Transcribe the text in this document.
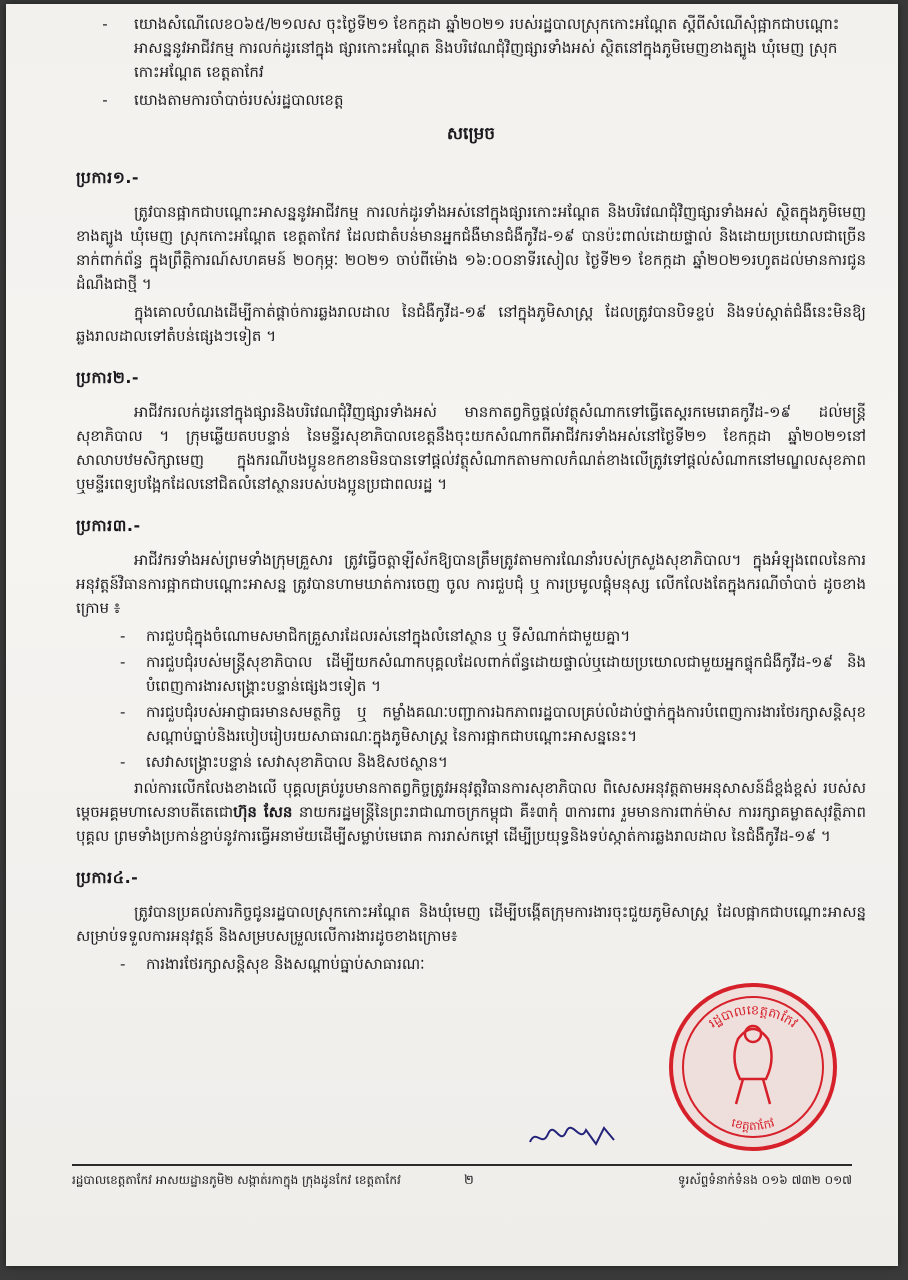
-	យោងសំណើលេខ០៦៥/២១លស ចុះថ្ងៃទី២១ ខែកក្កដា ឆ្នាំ២០២១ របស់រដ្ឋបាលស្រុកកោះអណ្តែត ស្តីពីសំណើសុំផ្អាកជាបណ្តោះអាសន្ននូវអាជីវកម្ម ការលក់ដូរនៅក្នុង ផ្សារកោះអណ្តែត និងបរិវេណជុំវិញផ្សារទាំងអស់ ស្ថិតនៅក្នុងភូមិមេញខាងត្បូង ឃុំមេញ ស្រុកកោះអណ្តែត ខេត្តតាកែវ
-	យោងតាមការចាំបាច់របស់រដ្ឋបាលខេត្ត
សម្រេច
ប្រការ១.-

ត្រូវបានផ្អាកជាបណ្តោះអាសន្ននូវអាជីវកម្ម ការលក់ដូរទាំងអស់នៅក្នុងផ្សារកោះអណ្តែត និងបរិវេណជុំវិញផ្សារទាំងអស់ ស្ថិតក្នុងភូមិមេញខាងត្បូង ឃុំមេញ ស្រុកកោះអណ្តែត ខេត្តតាកែវ ដែលជាតំបន់មានអ្នកជំងឺមានជំងឺកូវីដ-១៩ បានប៉ះពាល់ដោយផ្ទាល់ និងដោយប្រយោលជាច្រើននាក់ពាក់ព័ន្ធ ក្នុងព្រឹត្តិការណ៍សហគមន៍ ២០កុម្ភៈ ២០២១ ចាប់ពីម៉ោង ១៦:០០នាទីរសៀល ថ្ងៃទី២១ ខែកក្កដា ឆ្នាំ២០២១រហូតដល់មានការជូនដំណឹងជាថ្មី ។

ក្នុងគោលបំណងដើម្បីកាត់ផ្តាច់ការឆ្លងរាលដាល នៃជំងឺកូវីដ-១៩ នៅក្នុងភូមិសាស្ត្រ ដែលត្រូវបានបិទខ្ទប់ និងទប់ស្កាត់ជំងឺនេះមិនឱ្យឆ្លងរាលដាលទៅតំបន់ផ្សេងៗទៀត ។

ប្រការ២.-

អាជីវករលក់ដូរនៅក្នុងផ្សារនិងបរិវេណជុំវិញផ្សារទាំងអស់ មានកាតព្វកិច្ចផ្តល់វត្ថុសំណាកទៅធ្វើតេស្តរកមេរោគកូវីដ-១៩ ដល់មន្ត្រីសុខាភិបាល ។ ក្រុមឆ្លើយតបបន្ទាន់ នៃមន្ទីរសុខាភិបាលខេត្តនឹងចុះយកសំណាកពីអាជីវករទាំងអស់នៅថ្ងៃទី២១ ខែកក្កដា ឆ្នាំ២០២១នៅសាលាបឋមសិក្សាមេញ ក្នុងករណីបងប្អូនខកខានមិនបានទៅផ្តល់វត្ថុសំណាកតាមកាលកំណត់ខាងលើត្រូវទៅផ្តល់សំណាកនៅមណ្ឌលសុខភាព ឬមន្ទីរពេទ្យបង្អែកដែលនៅជិតលំនៅស្ថានរបស់បងប្អូនប្រជាពលរដ្ឋ ។

ប្រការ៣.-

អាជីវករទាំងអស់ព្រមទាំងក្រុមគ្រួសារ ត្រូវធ្វើចត្តាឡីស័កឱ្យបានត្រឹមត្រូវតាមការណែនាំរបស់ក្រសួងសុខាភិបាល។ ក្នុងអំឡុងពេលនៃការអនុវត្តន៍វិធានការផ្អាកជាបណ្តោះអាសន្ន ត្រូវបានហាមឃាត់ការចេញ ចូល ការជួបជុំ ឬ ការប្រមូលផ្តុំមនុស្ស លើកលែងតែក្នុងករណីចាំបាច់ ដូចខាងក្រោម ៖

-	ការជួបជុំក្នុងចំណោមសមាជិកគ្រួសារដែលរស់នៅក្នុងលំនៅស្ថាន ឬ ទីសំណាក់ជាមួយគ្នា។
-	ការជួបជុំរបស់មន្ត្រីសុខាភិបាល ដើម្បីយកសំណាកបុគ្គលដែលពាក់ព័ន្ធដោយផ្ទាល់ឬដោយប្រយោលជាមួយអ្នកផ្ទុកជំងឺកូវីដ-១៩ និងបំពេញការងារសង្គ្រោះបន្ទាន់ផ្សេងៗទៀត ។
-	ការជួបជុំរបស់អាជ្ញាធរមានសមត្ថកិច្ច ឬ កម្លាំងគណៈបញ្ជាការឯកភាពរដ្ឋបាលគ្រប់លំដាប់ថ្នាក់ក្នុងការបំពេញការងារថែរក្សាសន្តិសុខសណ្តាប់ធ្នាប់និងរបៀបរៀបរយសាធារណៈក្នុងភូមិសាស្ត្រ នៃការផ្អាកជាបណ្តោះអាសន្ននេះ។
-	សេវាសង្គ្រោះបន្ទាន់ សេវាសុខាភិបាល និងឱសថស្ថាន។

រាល់ការលើកលែងខាងលើ បុគ្គលគ្រប់រូបមានកាតព្វកិច្ចត្រូវអនុវត្តវិធានការសុខាភិបាល ពិសេសអនុវត្តតាមអនុសាសន៍ដ៏ខ្ពង់ខ្ពស់ របស់សម្តេចអគ្គមហាសេនាបតីតេជោហ៊ុន សែន នាយករដ្ឋមន្ត្រីនៃព្រះរាជាណាចក្រកម្ពុជា គឺ៖៣កុំ ៣ការពារ រួមមានការពាក់ម៉ាស ការរក្សាគម្លាតសុវត្ថិភាពបុគ្គល ព្រមទាំងប្រកាន់ខ្ជាប់នូវការធ្វើអនាម័យដើម្បីសម្លាប់មេរោគ ការរាស់កម្តៅ ដើម្បីប្រយុទ្ធនិងទប់ស្កាត់ការឆ្លងរាលដាល នៃជំងឺកូវីដ-១៩ ។

ប្រការ៤.-

ត្រូវបានប្រគល់ភារកិច្ចជូនរដ្ឋបាលស្រុកកោះអណ្តែត និងឃុំមេញ ដើម្បីបង្កើតក្រុមការងារចុះជួយភូមិសាស្ត្រ ដែលផ្អាកជាបណ្តោះអាសន្ន សម្រាប់ទទួលការអនុវត្តន៍ និងសម្របសម្រួលលើការងារដូចខាងក្រោម៖

-	ការងារថែរក្សាសន្តិសុខ និងសណ្តាប់ធ្នាប់សាធារណៈ
រដ្ឋបាលខេត្តតាកែវ
ខេត្តតាកែវ
រដ្ឋបាលខេត្តតាកែវ អាសយដ្ឋានភូមិ២ សង្កាត់រកាក្នុង ក្រុងដូនកែវ ខេត្តតាកែវ	២	ទូរស័ព្ទទំនាក់ទំនង ០១៦ ៧៣២ ០១៧
